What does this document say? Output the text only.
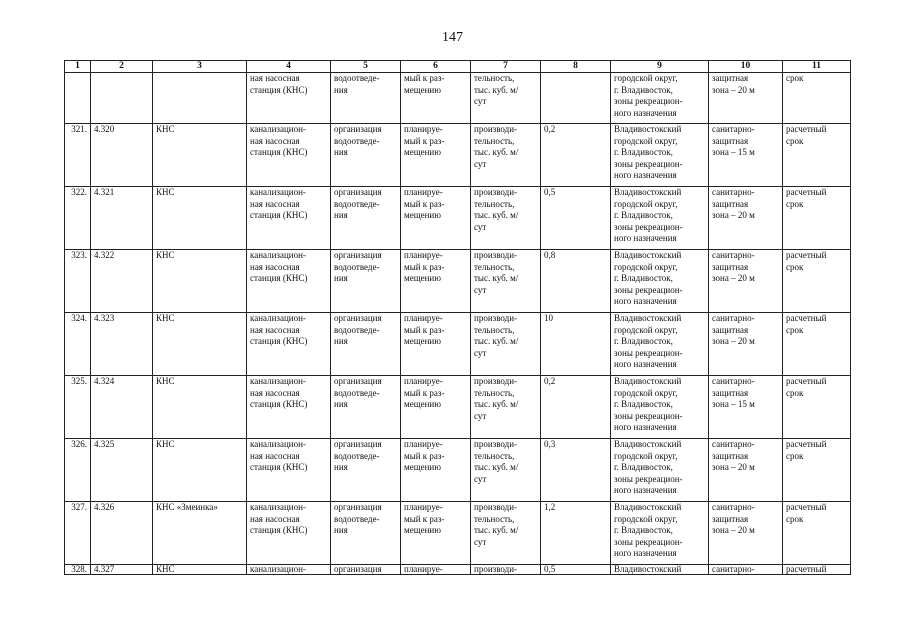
147
1	2	3	4	5	6	7	8	9	10	11

			ная насосная
станция (КНС)	водоотведе-
ния	мый к раз-
мещению	тельность,
тыс. куб. м/
сут		городской округ,
г. Владивосток,
зоны рекреацион-
ного назначения	защитная
зона – 20 м	срок

321.	4.320	КНС	канализацион-
ная насосная
станция (КНС)	организация
водоотведе-
ния	планируе-
мый к раз-
мещению	производи-
тельность,
тыс. куб. м/
сут	0,2	Владивостокский
городской округ,
г. Владивосток,
зоны рекреацион-
ного назначения	санитарно-
защитная
зона – 15 м	расчетный
срок

322.	4.321	КНС	канализацион-
ная насосная
станция (КНС)	организация
водоотведе-
ния	планируе-
мый к раз-
мещению	производи-
тельность,
тыс. куб. м/
сут	0,5	Владивостокский
городской округ,
г. Владивосток,
зоны рекреацион-
ного назначения	санитарно-
защитная
зона – 20 м	расчетный
срок

323.	4.322	КНС	канализацион-
ная насосная
станция (КНС)	организация
водоотведе-
ния	планируе-
мый к раз-
мещению	производи-
тельность,
тыс. куб. м/
сут	0,8	Владивостокский
городской округ,
г. Владивосток,
зоны рекреацион-
ного назначения	санитарно-
защитная
зона – 20 м	расчетный
срок

324.	4.323	КНС	канализацион-
ная насосная
станция (КНС)	организация
водоотведе-
ния	планируе-
мый к раз-
мещению	производи-
тельность,
тыс. куб. м/
сут	10	Владивостокский
городской округ,
г. Владивосток,
зоны рекреацион-
ного назначения	санитарно-
защитная
зона – 20 м	расчетный
срок

325.	4.324	КНС	канализацион-
ная насосная
станция (КНС)	организация
водоотведе-
ния	планируе-
мый к раз-
мещению	производи-
тельность,
тыс. куб. м/
сут	0,2	Владивостокский
городской округ,
г. Владивосток,
зоны рекреацион-
ного назначения	санитарно-
защитная
зона – 15 м	расчетный
срок

326.	4.325	КНС	канализацион-
ная насосная
станция (КНС)	организация
водоотведе-
ния	планируе-
мый к раз-
мещению	производи-
тельность,
тыс. куб. м/
сут	0,3	Владивостокский
городской округ,
г. Владивосток,
зоны рекреацион-
ного назначения	санитарно-
защитная
зона – 20 м	расчетный
срок

327.	4.326	КНС «Змеинка»	канализацион-
ная насосная
станция (КНС)	организация
водоотведе-
ния	планируе-
мый к раз-
мещению	производи-
тельность,
тыс. куб. м/
сут	1,2	Владивостокский
городской округ,
г. Владивосток,
зоны рекреацион-
ного назначения	санитарно-
защитная
зона – 20 м	расчетный
срок

328.	4.327	КНС	канализацион-	организация	планируе-	производи-	0,5	Владивостокский	санитарно-	расчетный
